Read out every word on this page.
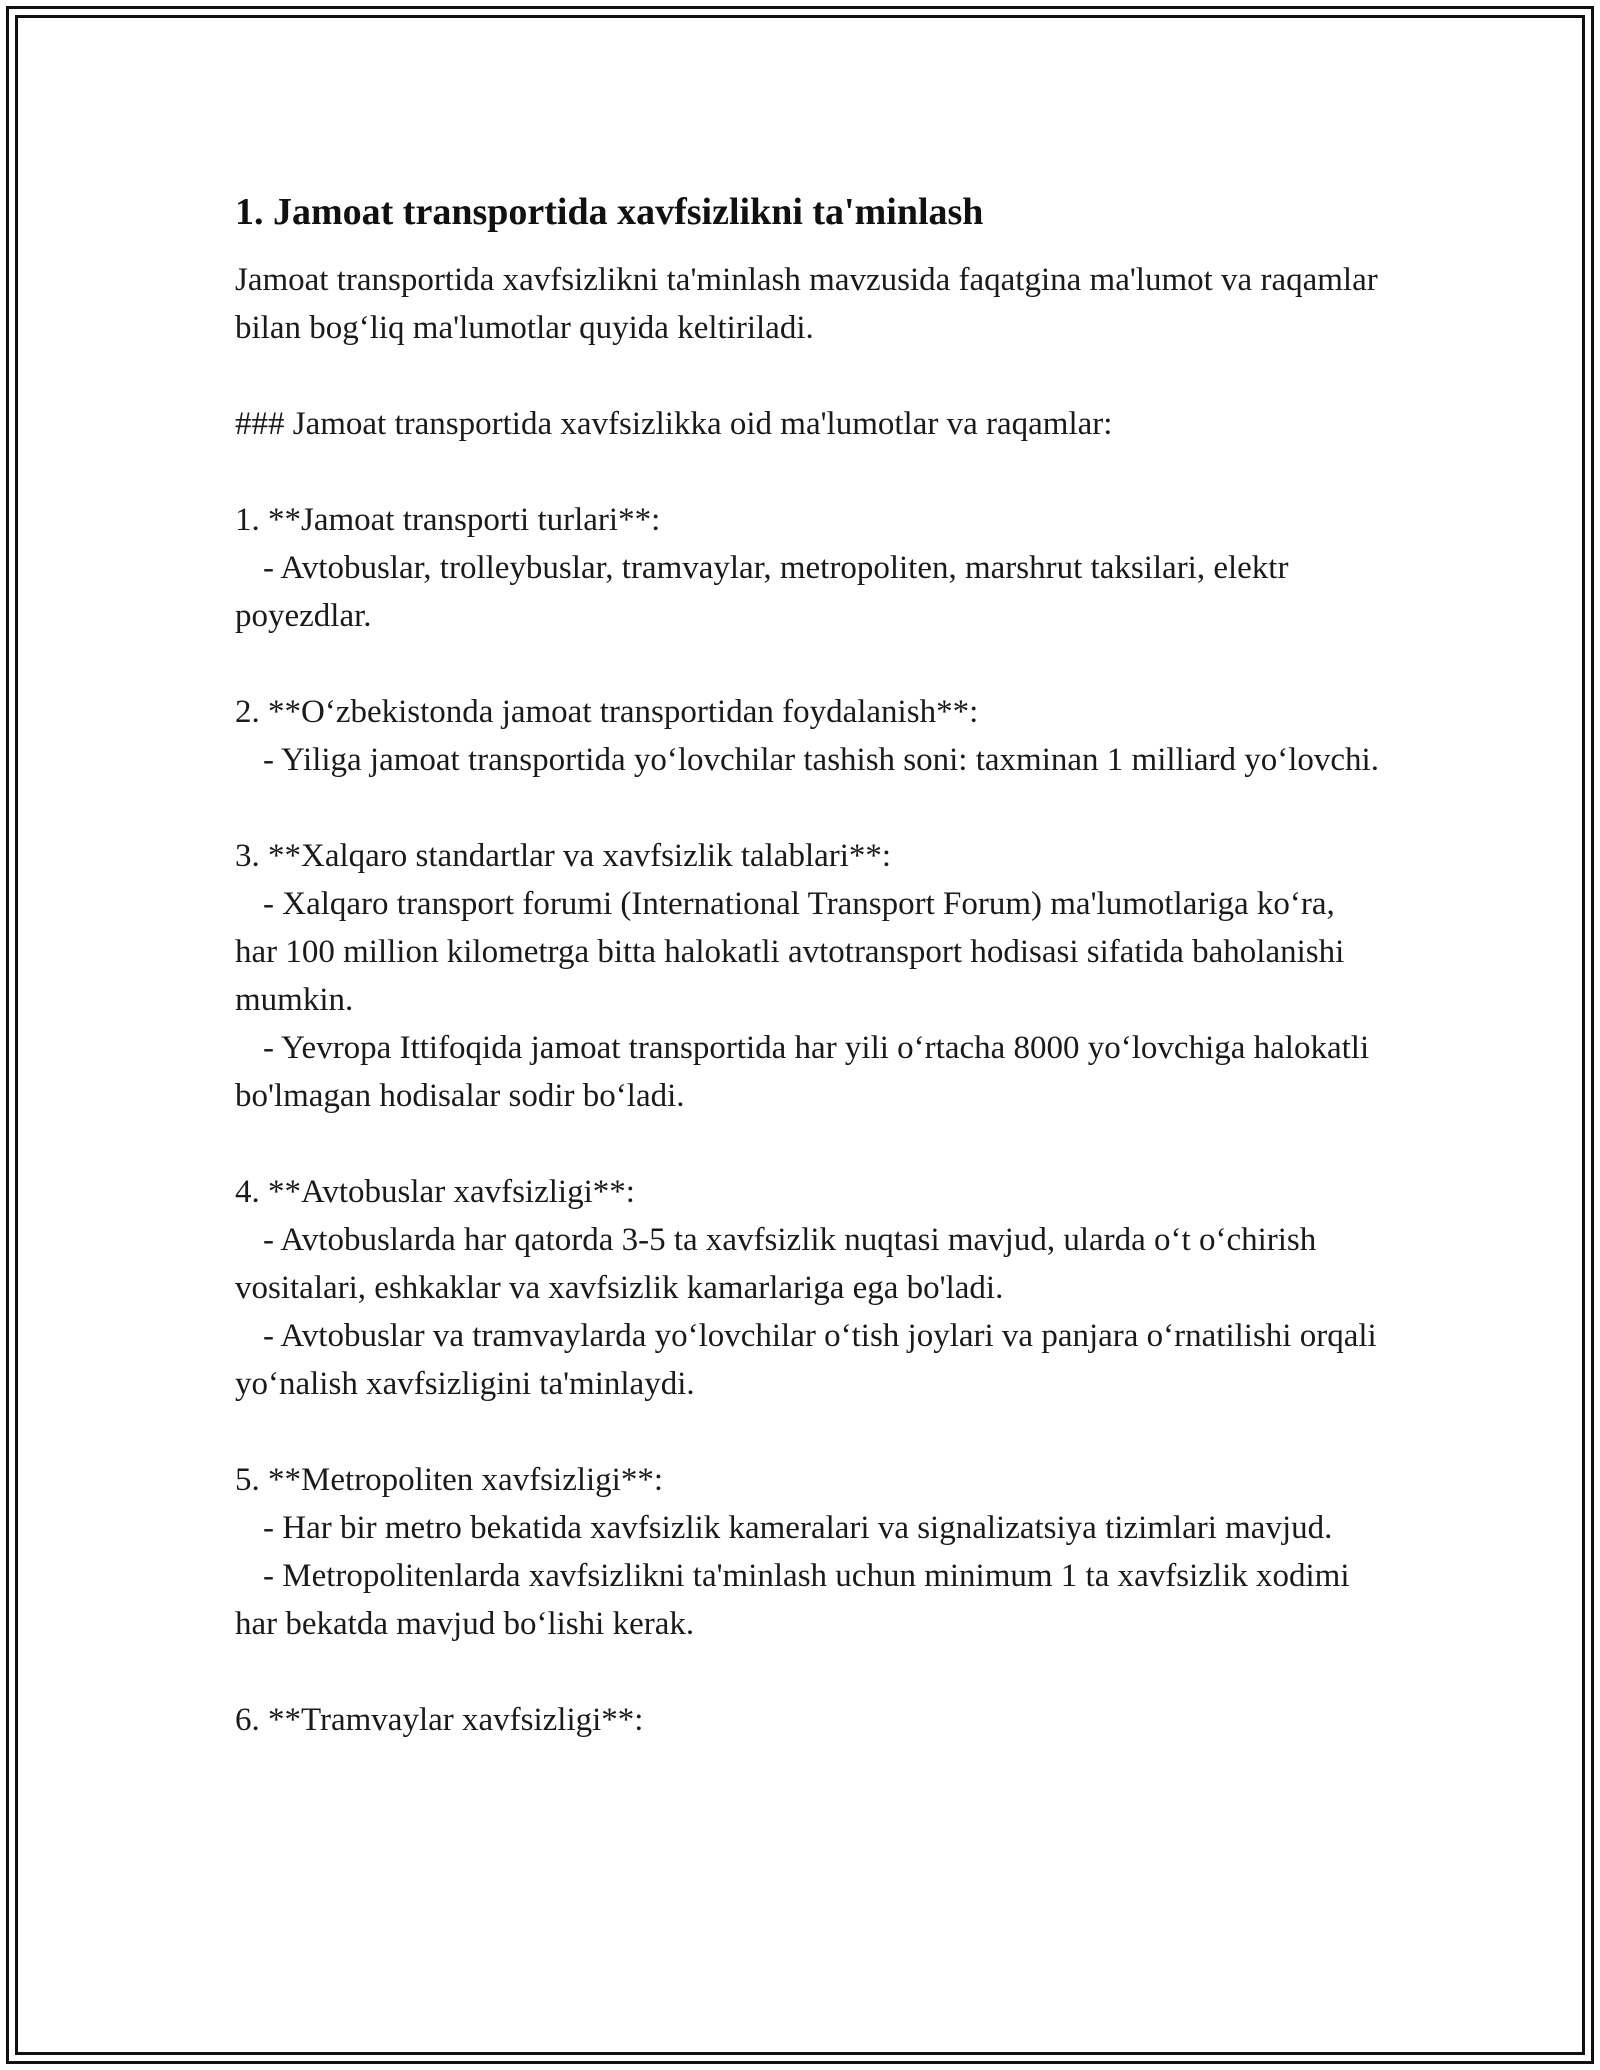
1. Jamoat transportida xavfsizlikni ta'minlash

Jamoat transportida xavfsizlikni ta'minlash mavzusida faqatgina ma'lumot va raqamlar bilan bog‘liq ma'lumotlar quyida keltiriladi.

### Jamoat transportida xavfsizlikka oid ma'lumotlar va raqamlar:

1. **Jamoat transporti turlari**:

- Avtobuslar, trolleybuslar, tramvaylar, metropoliten, marshrut taksilari, elektr poyezdlar.

2. **O‘zbekistonda jamoat transportidan foydalanish**:

- Yiliga jamoat transportida yo‘lovchilar tashish soni: taxminan 1 milliard yo‘lovchi.

3. **Xalqaro standartlar va xavfsizlik talablari**:

- Xalqaro transport forumi (International Transport Forum) ma'lumotlariga ko‘ra, har 100 million kilometrga bitta halokatli avtotransport hodisasi sifatida baholanishi mumkin.

- Yevropa Ittifoqida jamoat transportida har yili o‘rtacha 8000 yo‘lovchiga halokatli bo'lmagan hodisalar sodir bo‘ladi.

4. **Avtobuslar xavfsizligi**:

- Avtobuslarda har qatorda 3-5 ta xavfsizlik nuqtasi mavjud, ularda o‘t o‘chirish vositalari, eshkaklar va xavfsizlik kamarlariga ega bo'ladi.

- Avtobuslar va tramvaylarda yo‘lovchilar o‘tish joylari va panjara o‘rnatilishi orqali yo‘nalish xavfsizligini ta'minlaydi.

5. **Metropoliten xavfsizligi**:

- Har bir metro bekatida xavfsizlik kameralari va signalizatsiya tizimlari mavjud.

- Metropolitenlarda xavfsizlikni ta'minlash uchun minimum 1 ta xavfsizlik xodimi har bekatda mavjud bo‘lishi kerak.

6. **Tramvaylar xavfsizligi**:
